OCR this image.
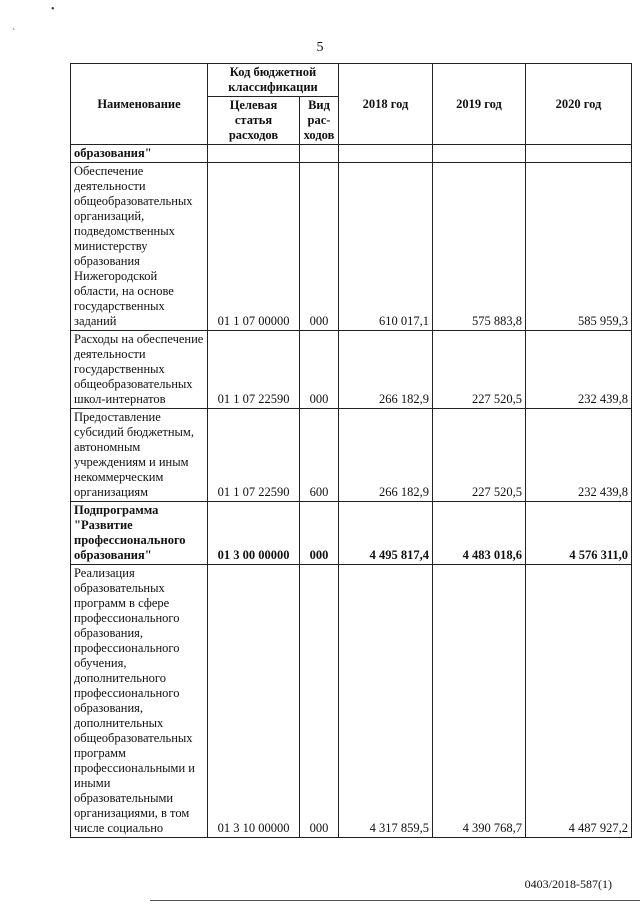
•
`
5
Наименование	Код бюджетной классификации		2018 год	2019 год	2020 год
	Целевая статья расходов	Вид рас- ходов			
образования"					
Обеспечение деятельности общеобразовательных организаций, подведомственных министерству образования Нижегородской области, на основе государственных заданий	01 1 07 00000	000	610 017,1	575 883,8	585 959,3
Расходы на обеспечение деятельности государственных общеобразовательных школ-интернатов	01 1 07 22590	000	266 182,9	227 520,5	232 439,8
Предоставление субсидий бюджетным, автономным учреждениям и иным некоммерческим организациям	01 1 07 22590	600	266 182,9	227 520,5	232 439,8
Подпрограмма "Развитие профессионального образования"	01 3 00 00000	000	4 495 817,4	4 483 018,6	4 576 311,0
Реализация образовательных программ в сфере профессионального образования, профессионального обучения, дополнительного профессионального образования, дополнительных общеобразовательных программ профессиональными и иными образовательными организациями, в том числе социально	01 3 10 00000	000	4 317 859,5	4 390 768,7	4 487 927,2
0403/2018-587(1)
